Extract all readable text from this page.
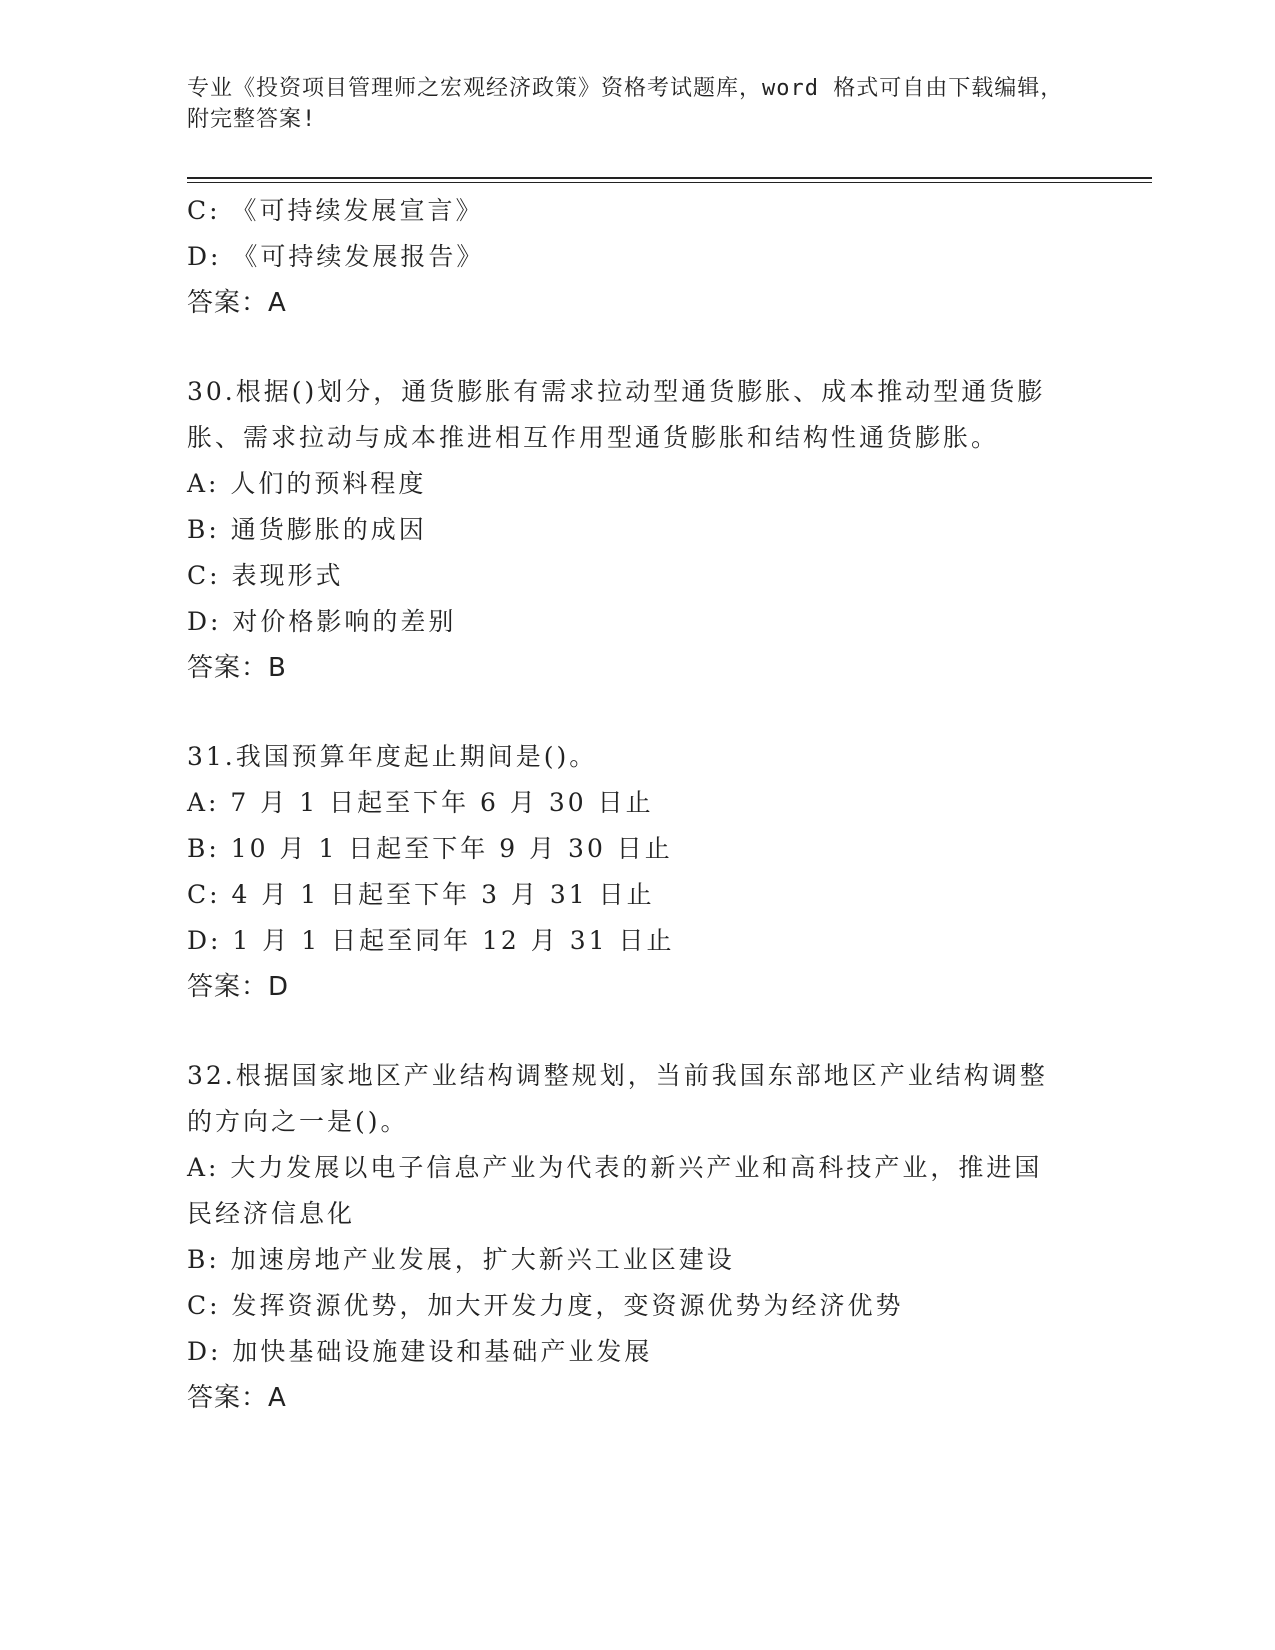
专业《投资项目管理师之宏观经济政策》资格考试题库，word 格式可自由下载编辑，附完整答案!
C: 《可持续发展宣言》
D: 《可持续发展报告》
答案：A
30.根据()划分，通货膨胀有需求拉动型通货膨胀、成本推动型通货膨
胀、需求拉动与成本推进相互作用型通货膨胀和结构性通货膨胀。
A: 人们的预料程度
B: 通货膨胀的成因
C: 表现形式
D: 对价格影响的差别
答案：B
31.我国预算年度起止期间是()。
A: 7 月 1 日起至下年 6 月 30 日止
B: 10 月 1 日起至下年 9 月 30 日止
C: 4 月 1 日起至下年 3 月 31 日止
D: 1 月 1 日起至同年 12 月 31 日止
答案：D
32.根据国家地区产业结构调整规划，当前我国东部地区产业结构调整
的方向之一是()。
A: 大力发展以电子信息产业为代表的新兴产业和高科技产业，推进国
民经济信息化
B: 加速房地产业发展，扩大新兴工业区建设
C: 发挥资源优势，加大开发力度，变资源优势为经济优势
D: 加快基础设施建设和基础产业发展
答案：A
